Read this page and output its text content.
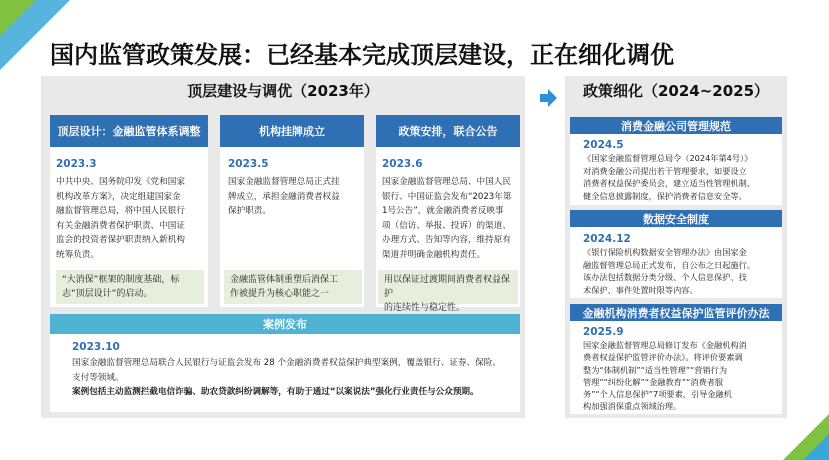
国内监管政策发展：已经基本完成顶层建设，正在细化调优
顶层建设与调优（2023年）
顶层设计：金融监管体系调整
2023.3
中共中央、国务院印发《党和国家
机构改革方案》，决定组建国家金
融监督管理总局，将中国人民银行
有关金融消费者保护职责、中国证
监会的投资者保护职责纳入新机构
统筹负责。
“大消保”框架的制度基础，标
志“顶层设计”的启动。
机构挂牌成立
2023.5
国家金融监督管理总局正式挂
牌成立，承担金融消费者权益
保护职责。
金融监管体制重塑后消保工
作被提升为核心职能之一
政策安排，联合公告
2023.6
国家金融监督管理总局、中国人民
银行、中国证监会发布“2023年第
1号公告”，就金融消费者反映事
项（信访、举报、投诉）的渠道、
办理方式、告知等内容，维持原有
渠道并明确金融机构责任。
用以保证过渡期间消费者权益保护
的连续性与稳定性。
案例发布
2023.10
国家金融监督管理总局联合人民银行与证监会发布 28 个金融消费者权益保护典型案例，覆盖银行、证券、保险、
支付等领域。
案例包括主动监测拦截电信诈骗、助农贷款纠纷调解等，有助于通过“以案说法”强化行业责任与公众预期。
政策细化（2024~2025）
消费金融公司管理规范
2024.5
《国家金融监督管理总局令（2024年第4号）》
对消费金融公司提出若干管理要求，如要设立
消费者权益保护委员会，建立适当性管理机制，
健全信息披露制度，保护消费者信息安全等。
数据安全制度
2024.12
《银行保险机构数据安全管理办法》由国家金
融监督管理总局正式发布，自公布之日起施行。
该办法包括数据分类分级、个人信息保护、技
术保护、事件处置时限等内容。
金融机构消费者权益保护监管评价办法
2025.9
国家金融监督管理总局修订发布《金融机构消
费者权益保护监管评价办法》。将评价要素调
整为“体制机制”“适当性管理”“营销行为
管理”“纠纷化解”“金融教育”“消费者服
务”“个人信息保护”7项要素，引导金融机
构加强消保重点领域治理。
